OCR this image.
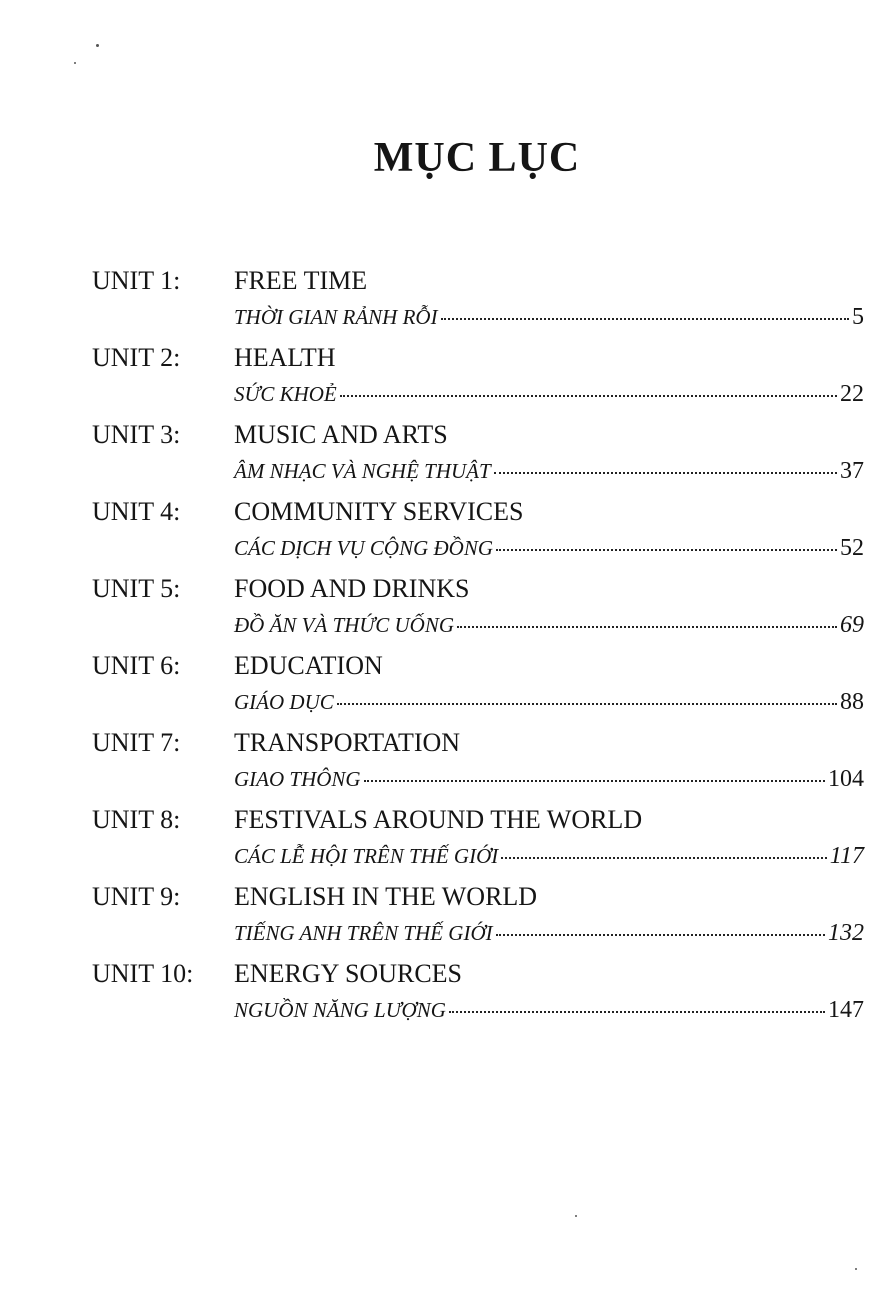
MỤC LỤC
UNIT 1: FREE TIME
THỜI GIAN RẢNH RỖI	5
UNIT 2: HEALTH
SỨC KHOẺ	22
UNIT 3: MUSIC AND ARTS
ÂM NHẠC VÀ NGHỆ THUẬT	37
UNIT 4: COMMUNITY SERVICES
CÁC DỊCH VỤ CỘNG ĐỒNG	52
UNIT 5: FOOD AND DRINKS
ĐỒ ĂN VÀ THỨC UỐNG	69
UNIT 6: EDUCATION
GIÁO DỤC	88
UNIT 7: TRANSPORTATION
GIAO THÔNG	104
UNIT 8: FESTIVALS AROUND THE WORLD
CÁC LỄ HỘI TRÊN THẾ GIỚI	117
UNIT 9: ENGLISH IN THE WORLD
TIẾNG ANH TRÊN THẾ GIỚI	132
UNIT 10: ENERGY SOURCES
NGUỒN NĂNG LƯỢNG	147
